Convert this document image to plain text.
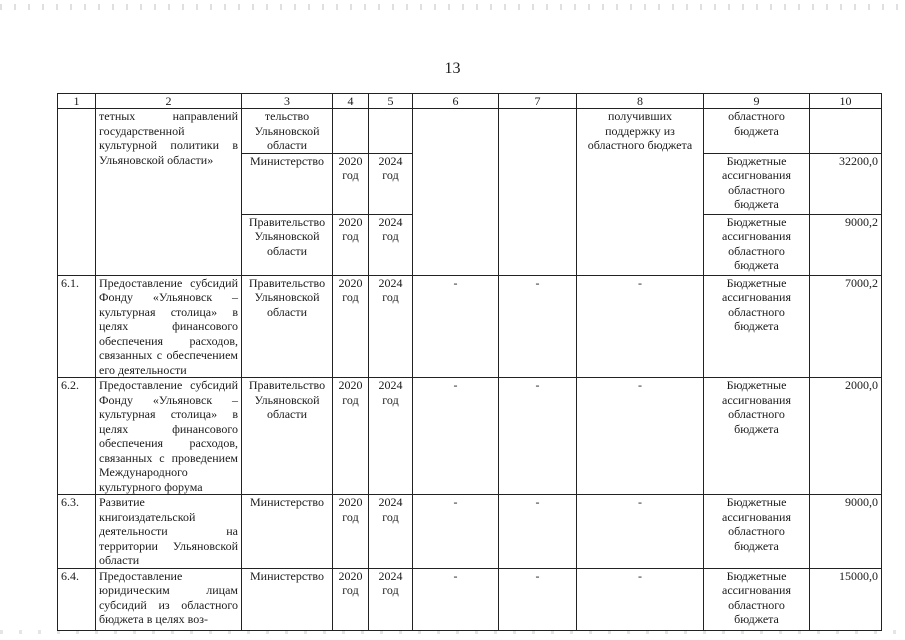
13
1	2	3	4	5	6	7	8	9	10
	тетных направлений государственной культурной политики в Ульяновской области»	тельство Ульяновской области					получивших поддержку из областного бюджета	областного бюджета	
		Министерство	2020 год	2024 год				Бюджетные ассигнования областного бюджета	32200,0
		Правительство Ульяновской области	2020 год	2024 год				Бюджетные ассигнования областного бюджета	9000,2
6.1.	Предоставление субсидий Фонду «Ульяновск – культурная столица» в целях финансового обеспечения расходов, связанных с обеспечением его деятельности	Правительство Ульяновской области	2020 год	2024 год	-	-	-	Бюджетные ассигнования областного бюджета	7000,2
6.2.	Предоставление субсидий Фонду «Ульяновск – культурная столица» в целях финансового обеспечения расходов, связанных с проведением Международного культурного форума	Правительство Ульяновской области	2020 год	2024 год	-	-	-	Бюджетные ассигнования областного бюджета	2000,0
6.3.	Развитие книгоиздательской деятельности на территории Ульяновской области	Министерство	2020 год	2024 год	-	-	-	Бюджетные ассигнования областного бюджета	9000,0
6.4.	Предоставление юридическим лицам субсидий из областного бюджета в целях воз-	Министерство	2020 год	2024 год	-	-	-	Бюджетные ассигнования областного бюджета	15000,0
